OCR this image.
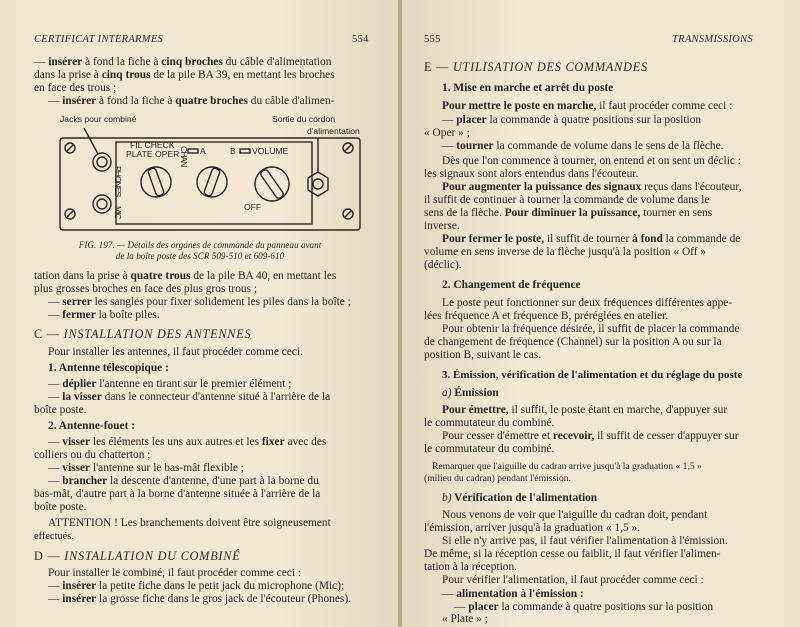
CERTIFICAT INTERARMES	554
— insérer à fond la fiche à cinq broches du câble d'alimentation
dans la prise à cinq trous de la pile BA 39, en mettant les broches
en face des trous ;
— insérer à fond la fiche à quatre broches du câble d'alimen-
Jacks pour combiné	Sortie du cordon
d'alimentation
FIL CHECK
PLATE OPER A	B VOLUME
OFF
PHONES
MIC
CHAN
FIG. 197. — Détails des organes de commande du panneau avant
de la boîte poste des SCR 509-510 et 609-610
tation dans la prise à quatre trous de la pile BA 40, en mettant les
plus grosses broches en face des plus gros trous ;
— serrer les sangles pour fixer solidement les piles dans la boîte ;
— fermer la boîte piles.
C — INSTALLATION DES ANTENNES
Pour installer les antennes, il faut procéder comme ceci.
1. Antenne télescopique :
— déplier l'antenne en tirant sur le premier élément ;
— la visser dans le connecteur d'antenne situé à l'arrière de la
boîte poste.
2. Antenne-fouet :
— visser les éléments les uns aux autres et les fixer avec des
colliers ou du chatterton ;
— visser l'antenne sur le bas-mât flexible ;
— brancher la descente d'antenne, d'une part à la borne du
bas-mât, d'autre part à la borne d'antenne située à l'arrière de la
boîte poste.
ATTENTION ! Les branchements doivent être soigneusement
effectués.
D — INSTALLATION DU COMBINÉ
Pour installer le combiné, il faut procéder comme ceci :
— insérer la petite fiche dans le petit jack du microphone (Mic);
— insérer la grosse fiche dans le gros jack de l'écouteur (Phones).
555	TRANSMISSIONS
E — UTILISATION DES COMMANDES
1. Mise en marche et arrêt du poste
Pour mettre le poste en marche, il faut procéder comme ceci :
— placer la commande à quatre positions sur la position
« Oper » ;
— tourner la commande de volume dans le sens de la flèche.
Dès que l'on commence à tourner, on entend et on sent un déclic :
les signaux sont alors entendus dans l'écouteur.
Pour augmenter la puissance des signaux reçus dans l'écouteur,
il suffit de continuer à tourner la commande de volume dans le
sens de la flèche. Pour diminuer la puissance, tourner en sens
inverse.
Pour fermer le poste, il suffit de tourner à fond la commande de
volume en sens inverse de la flèche jusqu'à la position « Off »
(déclic).
2. Changement de fréquence
Le poste peut fonctionner sur deux fréquences différentes appe-
lées fréquence A et fréquence B, préréglées en atelier.
Pour obtenir la fréquence désirée, il suffit de placer la commande
de changement de fréquence (Channel) sur la position A ou sur la
position B, suivant le cas.
3. Émission, vérification de l'alimentation et du réglage du poste
a) Émission
Pour émettre, il suffit, le poste étant en marche, d'appuyer sur
le commutateur du combiné.
Pour cesser d'émettre et recevoir, il suffit de cesser d'appuyer sur
le commutateur du combiné.
Remarquer que l'aiguille du cadran arrive jusqu'à la graduation « 1,5 »
(milieu du cadran) pendant l'émission.
b) Vérification de l'alimentation
Nous venons de voir que l'aiguille du cadran doit, pendant
l'émission, arriver jusqu'à la graduation « 1,5 ».
Si elle n'y arrive pas, il faut vérifier l'alimentation à l'émission.
De même, si la réception cesse ou faiblit, il faut vérifier l'alimen-
tation à la réception.
Pour vérifier l'alimentation, il faut procéder comme ceci :
— alimentation à l'émission :
— placer la commande à quatre positions sur la position
« Plate » ;
